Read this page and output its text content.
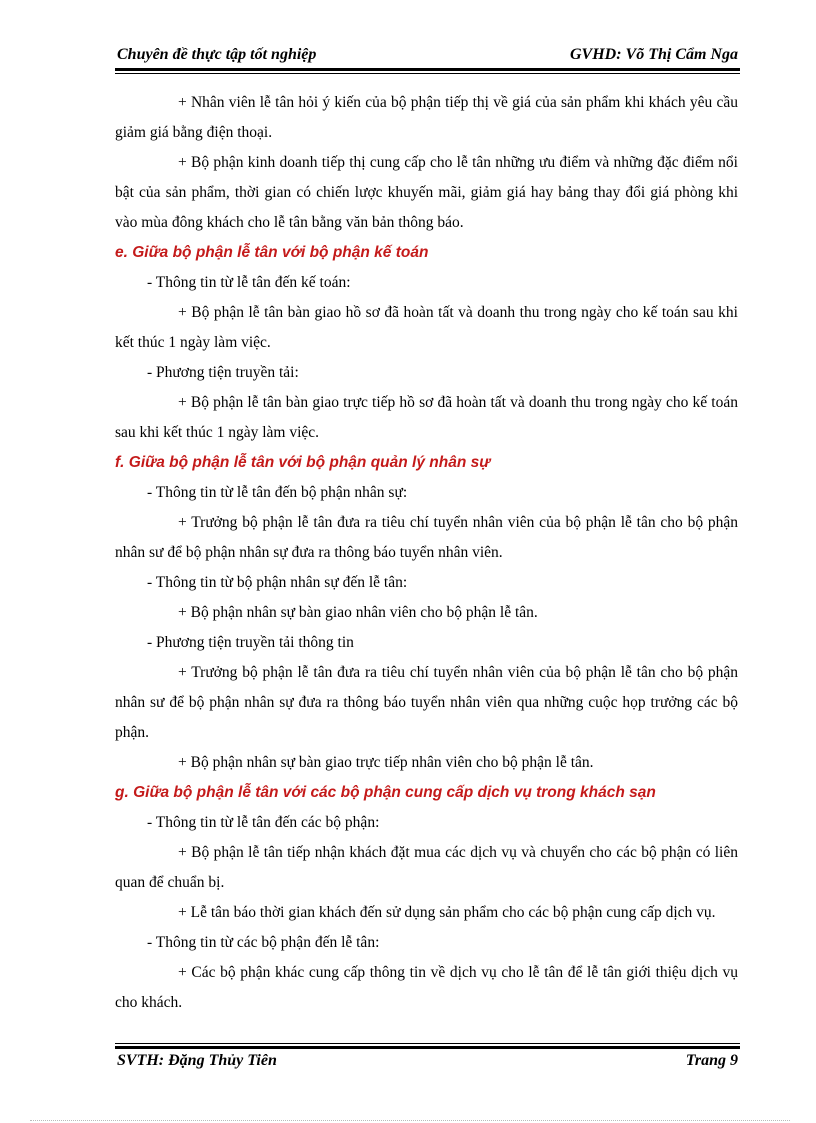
Chuyên đề thực tập tốt nghiệp	GVHD: Võ Thị Cẩm Nga

+ Nhân viên lễ tân hỏi ý kiến của bộ phận tiếp thị về giá của sản phẩm khi khách yêu cầu giảm giá bằng điện thoại.

+ Bộ phận kinh doanh tiếp thị cung cấp cho lễ tân những ưu điểm và những đặc điểm nổi bật của sản phẩm, thời gian có chiến lược khuyến mãi, giảm giá hay bảng thay đổi giá phòng khi vào mùa đông khách cho lễ tân bằng văn bản thông báo.

e. Giữa bộ phận lễ tân với bộ phận kế toán

- Thông tin từ lễ tân đến kế toán:

+ Bộ phận lễ tân bàn giao hồ sơ đã hoàn tất và doanh thu trong ngày cho kế toán sau khi kết thúc 1 ngày làm việc.

- Phương tiện truyền tải:

+ Bộ phận lễ tân bàn giao trực tiếp hồ sơ đã hoàn tất và doanh thu trong ngày cho kế toán sau khi kết thúc 1 ngày làm việc.

f. Giữa bộ phận lễ tân với bộ phận quản lý nhân sự

- Thông tin từ lễ tân đến bộ phận nhân sự:

+ Trưởng bộ phận lễ tân đưa ra tiêu chí tuyển nhân viên của bộ phận lễ tân cho bộ phận nhân sư để bộ phận nhân sự đưa ra thông báo tuyển nhân viên.

- Thông tin từ bộ phận nhân sự đến lễ tân:

+ Bộ phận nhân sự bàn giao nhân viên cho bộ phận lễ tân.

- Phương tiện truyền tải thông tin

+ Trưởng bộ phận lễ tân đưa ra tiêu chí tuyển nhân viên của bộ phận lễ tân cho bộ phận nhân sư để bộ phận nhân sự đưa ra thông báo tuyển nhân viên qua những cuộc họp trưởng các bộ phận.

+ Bộ phận nhân sự bàn giao trực tiếp nhân viên cho bộ phận lễ tân.

g. Giữa bộ phận lễ tân với các bộ phận cung cấp dịch vụ trong khách sạn

- Thông tin từ lễ tân đến các bộ phận:

+ Bộ phận lễ tân tiếp nhận khách đặt mua các dịch vụ và chuyển cho các bộ phận có liên quan để chuẩn bị.

+ Lễ tân báo thời gian khách đến sử dụng sản phẩm cho các bộ phận cung cấp dịch vụ.

- Thông tin từ các bộ phận đến lễ tân:

+ Các bộ phận khác cung cấp thông tin về dịch vụ cho lễ tân để lễ tân giới thiệu dịch vụ cho khách.

SVTH: Đặng Thủy Tiên	Trang 9
